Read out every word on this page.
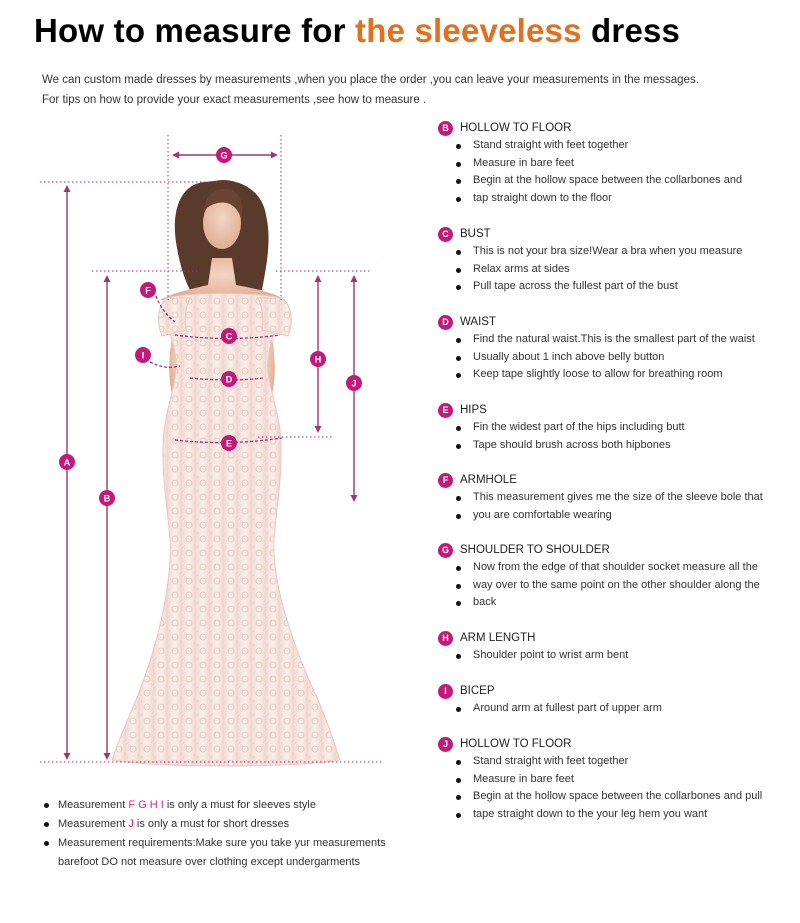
How to measure for the sleeveless dress
We can custom made dresses by measurements ,when you place the order ,you can leave your measurements in the messages.
For tips on how to provide your exact measurements ,see how to measure .
G
F
C
I	H
D	J
E
A
B
B HOLLOW TO FLOOR
Stand straight with feet together
Measure in bare feet
Begin at the hollow space between the collarbones and
tap straight down to the floor
C BUST
This is not your bra size!Wear a bra when you measure
Relax arms at sides
Pull tape across the fullest part of the bust
D WAIST
Find the natural waist.This is the smallest part of the waist
Usually about 1 inch above belly button
Keep tape slightly loose to allow for breathing room
E	HIPS
Fin the widest part of the hips including butt
Tape should brush across both hipbones
F	ARMHOLE
This measurement gives me the size of the sleeve bole that
you are comfortable wearing
G SHOULDER TO SHOULDER
Now from the edge of that shoulder socket measure all the
way over to the same point on the other shoulder along the
back
H ARM LENGTH
Shoulder point to wrist arm bent
I	BICEP
Around arm at fullest part of upper arm
J	HOLLOW TO FLOOR
Stand straight with feet together
Measure in bare feet
Begin at the hollow space between the collarbones and pull
tape straight down to the your leg hem you want
Measurement F G H I is only a must for sleeves style
Measurement J is only a must for short dresses
Measurement requirements:Make sure you take yur measurements
barefoot DO not measure over clothing except undergarments
